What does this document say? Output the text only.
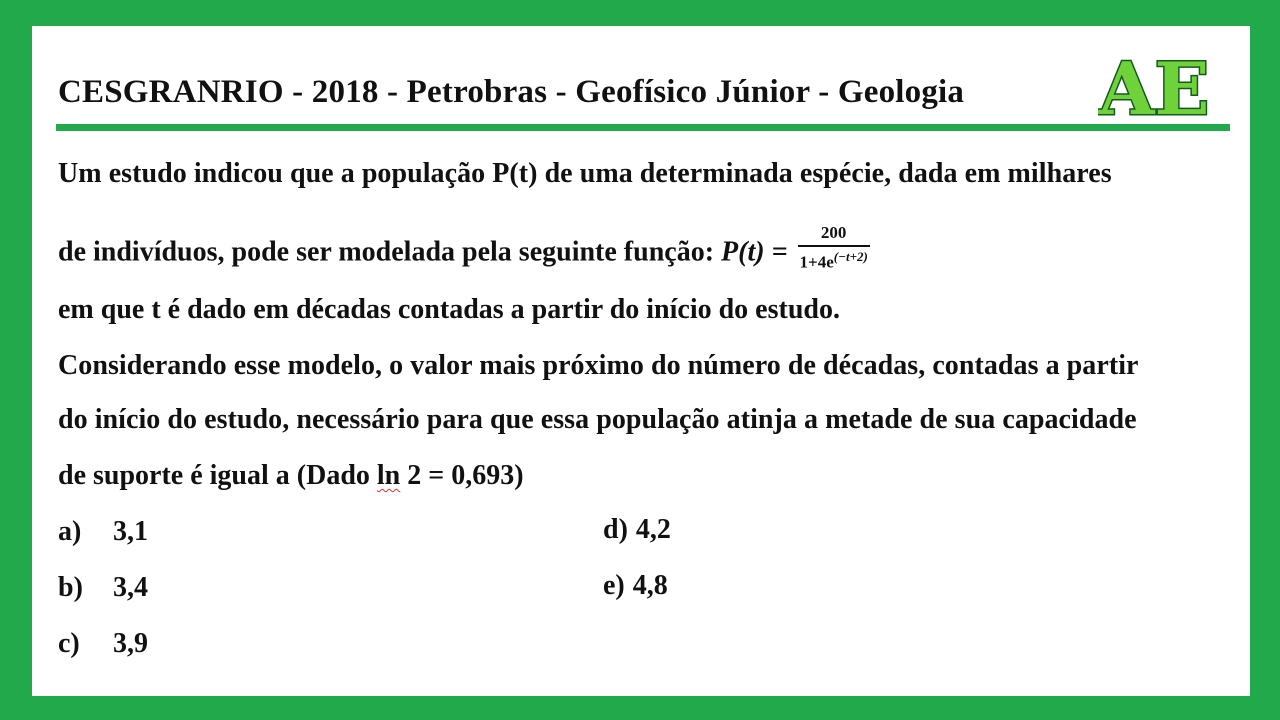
CESGRANRIO - 2018 - Petrobras - Geofísico Júnior - Geologia AE
Um estudo indicou que a população P(t) de uma determinada espécie, dada em milhares
de indivíduos, pode ser modelada pela seguinte função: $P(t) = \frac{200}{1+4e^{(-t+2)}}$
em que t é dado em décadas contadas a partir do início do estudo.
Considerando esse modelo, o valor mais próximo do número de décadas, contadas a partir
do início do estudo, necessário para que essa população atinja a metade de sua capacidade
de suporte é igual a (Dado ln 2 = 0,693)
a) 3,1
b) 3,4
c) 3,9
d) 4,2
e) 4,8
